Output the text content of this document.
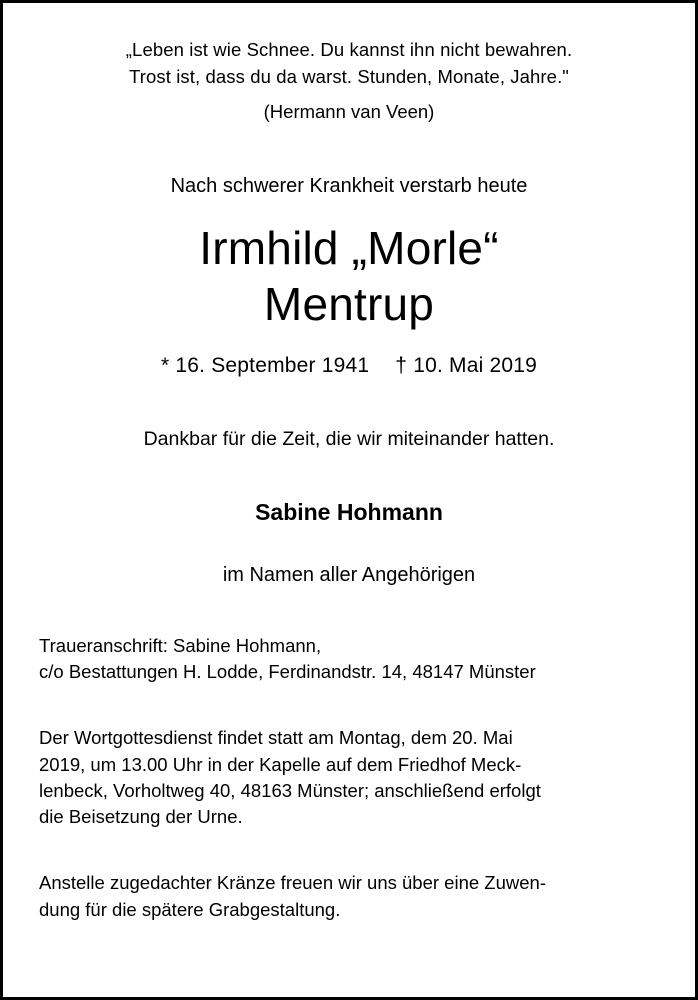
„Leben ist wie Schnee. Du kannst ihn nicht bewahren.
Trost ist, dass du da warst. Stunden, Monate, Jahre."
(Hermann van Veen)
Nach schwerer Krankheit verstarb heute
Irmhild „Morle“
Mentrup
* 16. September 1941 † 10. Mai 2019
Dankbar für die Zeit, die wir miteinander hatten.
Sabine Hohmann
im Namen aller Angehörigen

Traueranschrift: Sabine Hohmann,

c/o Bestattungen H. Lodde, Ferdinandstr. 14, 48147 Münster

Der Wortgottesdienst findet statt am Montag, dem 20. Mai

2019, um 13.00 Uhr in der Kapelle auf dem Friedhof Meck-

lenbeck, Vorholtweg 40, 48163 Münster; anschließend erfolgt

die Beisetzung der Urne.

Anstelle zugedachter Kränze freuen wir uns über eine Zuwen-

dung für die spätere Grabgestaltung.
